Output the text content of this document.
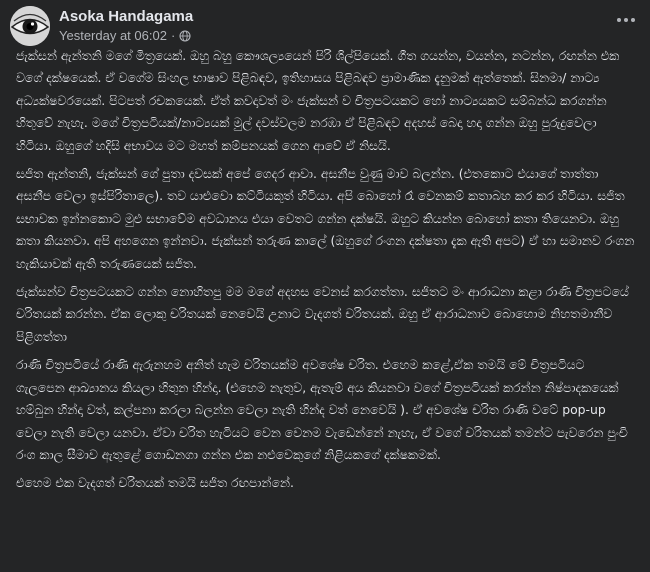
Asoka Handagama
Yesterday at 06:02 ·

ජැක්සන් ඇන්තනි මගේ මිත්‍රයෙක්. ඔහු බහු කෞශල්‍යයෙන් පිරි ශිල්පියෙක්. ගීත ගයන්න, වයන්න, නටන්න, රඟන්න එක වගේ දක්ෂයෙක්. ඒ වගේම සිංහල භාෂාව පිළිබඳව, ඉතිහාසය පිළිබඳව ප්‍රාමාණික දැනුමක් ඇත්තෙක්. සිනමා/ නාට්‍ය අධ්‍යක්ෂවරයෙක්. පිටපත් රචකයෙක්. ඒත් කවදාවත් මං ජැක්සන් ව චිත්‍රපටයකට හෝ නාට්‍යයකට සම්බන්ධ කරගන්න හිතුවේ නැහැ. මගේ චිත්‍රපටියක්/නාට්‍යයක් මුල් දවස්වලම නරඹා ඒ පිළිබඳව අදහස් බෙදා හදා ගන්න ඔහු පුරුදුවෙලා හිටියා. ඔහුගේ හදිසි අභාවය මට මහත් කම්පනයක් ගෙන ආවේ ඒ නිසයි.

සජිත ඇන්තනි, ජැක්සන් ගේ පුතා දවසක් අපේ ගෙදර ආවා. අසනීප වුණු මාව බලන්න. (එතකොට එයාගේ තාත්තා අසනීප වෙලා ඉස්පිරිතාලෙ). තව යාළුවො කට්ටියකුත් හිටියා. අපි බොහෝ රෑ වෙනකම් කතාබහ කර කර හිටියා. සජිත සභාවක ඉන්නකොට මුළු සභාවේම අවධානය එයා වෙතට ගන්න දක්ෂයි. ඔහුට කියන්න බොහෝ කතා තියෙනවා. ඔහු කතා කියනවා. අපි අහගෙන ඉන්නවා. ජැක්සන් තරුණ කාලේ (ඔහුගේ රංගන දක්ෂතා දැක ඇති අපට) ඒ හා සමානව රංගන හැකියාවක් ඇති තරුණයෙක් සජිත.

ජැක්සන්ව චිත්‍රපටයකට ගන්න නොහිතපු මම මගේ අදහස වෙනස් කරගත්තා. සජිතට මං ආරාධනා කළා රාණි චිත්‍රපටයේ චරිතයක් කරන්න. ඒක ලොකු චරිතයක් නෙවෙයි උනාට වැදගත් චරිතයක්. ඔහු ඒ ආරාධනාව බොහොම නිහතමානීව පිළිගත්තා

රාණි චිත්‍රපටියේ රාණි ඇරුනහම අනිත් හැම චරිතයක්ම අවශේෂ චරිත. එහෙම කළේ,ඒක තමයි මේ චිත්‍රපටියට ගැලපෙන ආඛ්‍යානය කියලා හිතුන හින්දා. (එහෙම නැතුව, ඇතැම් අය කියනවා වගේ චිත්‍රපටියක් කරන්න නිෂ්පාදකයෙක් හම්බුන හින්දා වත්, කල්පනා කරලා බලන්න වෙලා නැති හින්ද වත් නෙවෙයි ). ඒ අවශේෂ චරිත රාණි වටේ pop-up වෙලා නැති වෙලා යනවා. ඒවා චරිත හැටියට වෙන වෙනම වැඩෙන්නේ නැහැ, ඒ වගේ චරිතයක් තමන්ට පැවරෙන පුංචි රංග කාල සීමාව ඇතුළේ ගොඩනගා ගන්න එක නළුවෙකුගේ නිළියකගේ දක්ෂකමක්.

එහෙම එක වැදගත් චරිතයක් තමයි සජිත රඟපාන්නේ.
